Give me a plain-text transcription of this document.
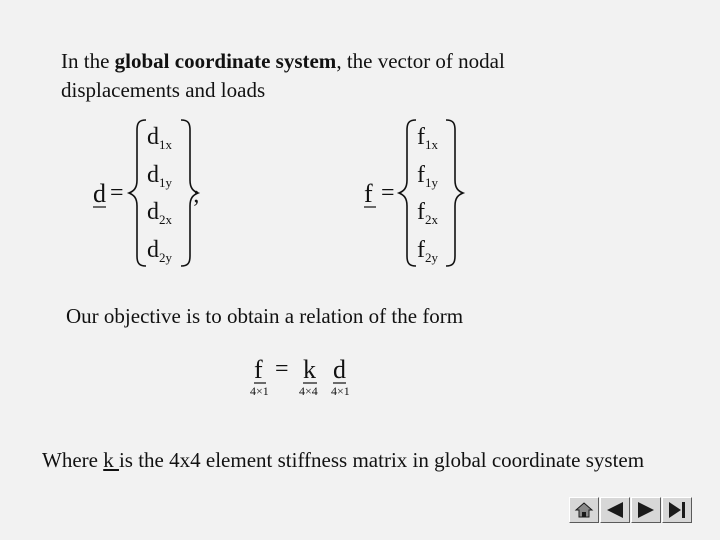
In the global coordinate system, the vector of nodal displacements and loads
d =
$d_{1x}$
$d_{1y}$
$d_{2x}$
$d_{2y}$
;	f =
$f_{1x}$
$f_{1y}$
$f_{2x}$
$f_{2y}$
f
4×1
= k
4×4
d
4×1
Our objective is to obtain a relation of the form
Where k is the 4x4 element stiffness matrix in global coordinate system
